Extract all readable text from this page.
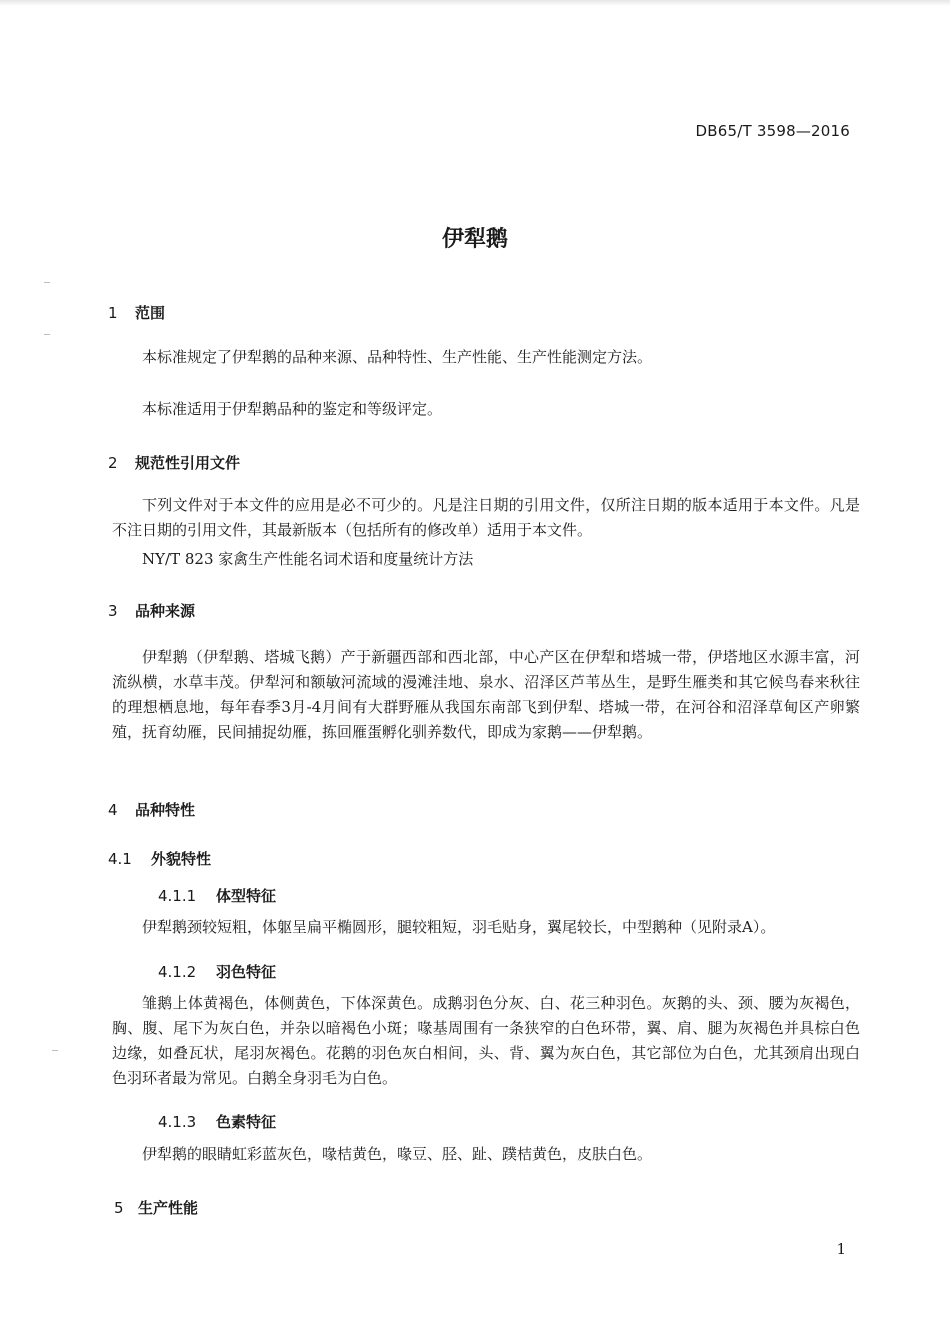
DB65/T 3598—2016
伊犁鹅
1 范围
本标准规定了伊犁鹅的品种来源、品种特性、生产性能、生产性能测定方法。
本标准适用于伊犁鹅品种的鉴定和等级评定。
2 规范性引用文件
下列文件对于本文件的应用是必不可少的。凡是注日期的引用文件，仅所注日期的版本适用于本文件。凡是不注日期的引用文件，其最新版本（包括所有的修改单）适用于本文件。
NY/T 823 家禽生产性能名词术语和度量统计方法
3 品种来源
伊犁鹅（伊犁鹅、塔城飞鹅）产于新疆西部和西北部，中心产区在伊犁和塔城一带，伊塔地区水源丰富，河流纵横，水草丰茂。伊犁河和额敏河流域的漫滩洼地、泉水、沼泽区芦苇丛生，是野生雁类和其它候鸟春来秋往的理想栖息地，每年春季3月-4月间有大群野雁从我国东南部飞到伊犁、塔城一带，在河谷和沼泽草甸区产卵繁殖，抚育幼雁，民间捕捉幼雁，拣回雁蛋孵化驯养数代，即成为家鹅——伊犁鹅。
4 品种特性
4.1 外貌特性
4.1.1 体型特征
伊犁鹅颈较短粗，体躯呈扁平椭圆形，腿较粗短，羽毛贴身，翼尾较长，中型鹅种（见附录A）。
4.1.2 羽色特征
雏鹅上体黄褐色，体侧黄色，下体深黄色。成鹅羽色分灰、白、花三种羽色。灰鹅的头、颈、腰为灰褐色，胸、腹、尾下为灰白色，并杂以暗褐色小斑；喙基周围有一条狭窄的白色环带，翼、肩、腿为灰褐色并具棕白色边缘，如叠瓦状，尾羽灰褐色。花鹅的羽色灰白相间，头、背、翼为灰白色，其它部位为白色，尤其颈肩出现白色羽环者最为常见。白鹅全身羽毛为白色。
4.1.3 色素特征
伊犁鹅的眼睛虹彩蓝灰色，喙桔黄色，喙豆、胫、趾、蹼桔黄色，皮肤白色。
5 生产性能
1
